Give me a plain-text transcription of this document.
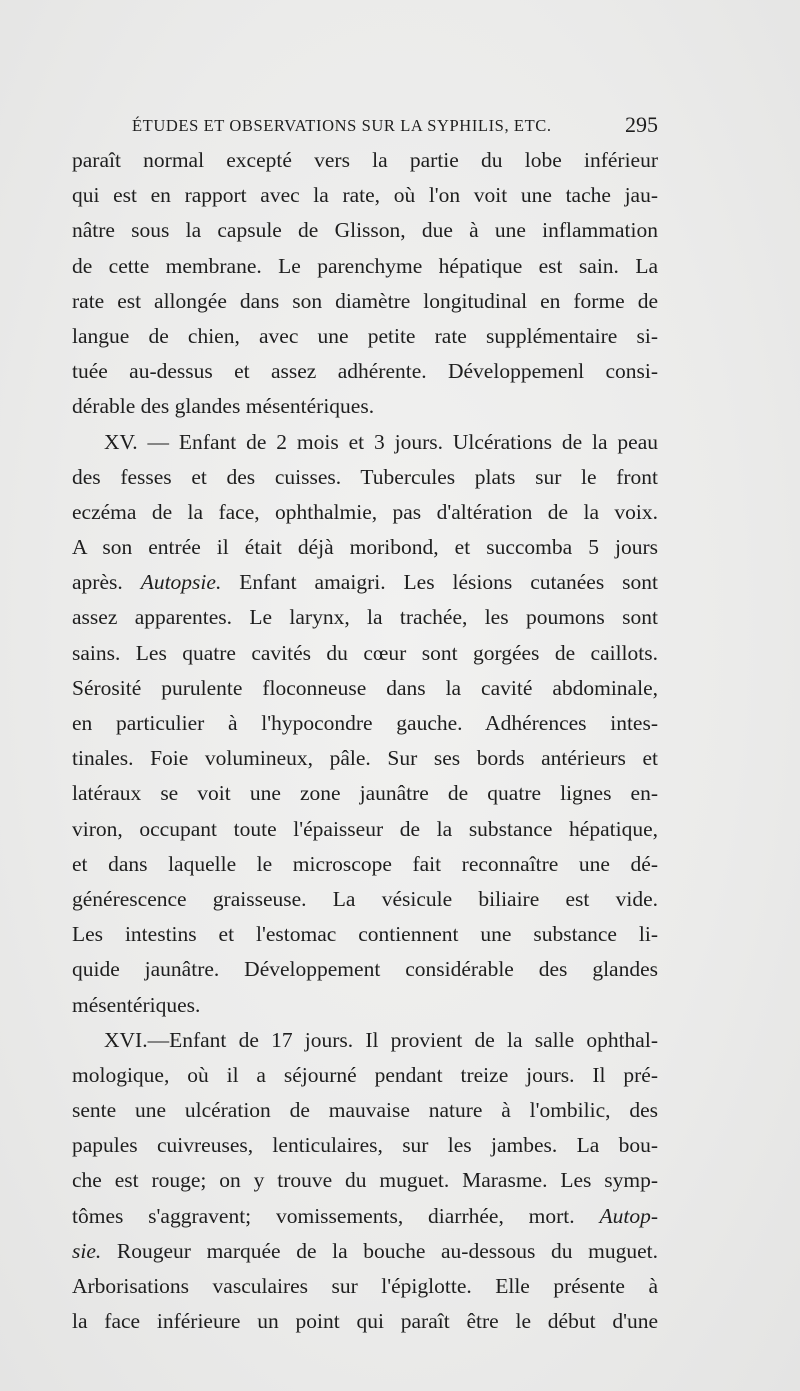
ÉTUDES ET OBSERVATIONS SUR LA SYPHILIS, ETC.	295
paraît normal excepté vers la partie du lobe inférieur
qui est en rapport avec la rate, où l'on voit une tache jau-
nâtre sous la capsule de Glisson, due à une inflammation
de cette membrane. Le parenchyme hépatique est sain. La
rate est allongée dans son diamètre longitudinal en forme de
langue de chien, avec une petite rate supplémentaire si-
tuée au-dessus et assez adhérente. Développemenl consi-
dérable des glandes mésentériques.
XV. — Enfant de 2 mois et 3 jours. Ulcérations de la peau
des fesses et des cuisses. Tubercules plats sur le front
eczéma de la face, ophthalmie, pas d'altération de la voix.
A son entrée il était déjà moribond, et succomba 5 jours
après. Autopsie. Enfant amaigri. Les lésions cutanées sont
assez apparentes. Le larynx, la trachée, les poumons sont
sains. Les quatre cavités du cœur sont gorgées de caillots.
Sérosité purulente floconneuse dans la cavité abdominale,
en particulier à l'hypocondre gauche. Adhérences intes-
tinales. Foie volumineux, pâle. Sur ses bords antérieurs et
latéraux se voit une zone jaunâtre de quatre lignes en-
viron, occupant toute l'épaisseur de la substance hépatique,
et dans laquelle le microscope fait reconnaître une dé-
générescence graisseuse. La vésicule biliaire est vide.
Les intestins et l'estomac contiennent une substance li-
quide jaunâtre. Développement considérable des glandes
mésentériques.
XVI.—Enfant de 17 jours. Il provient de la salle ophthal-
mologique, où il a séjourné pendant treize jours. Il pré-
sente une ulcération de mauvaise nature à l'ombilic, des
papules cuivreuses, lenticulaires, sur les jambes. La bou-
che est rouge; on y trouve du muguet. Marasme. Les symp-
tômes s'aggravent; vomissements, diarrhée, mort. Autop-
sie. Rougeur marquée de la bouche au-dessous du muguet.
Arborisations vasculaires sur l'épiglotte. Elle présente à
la face inférieure un point qui paraît être le début d'une
